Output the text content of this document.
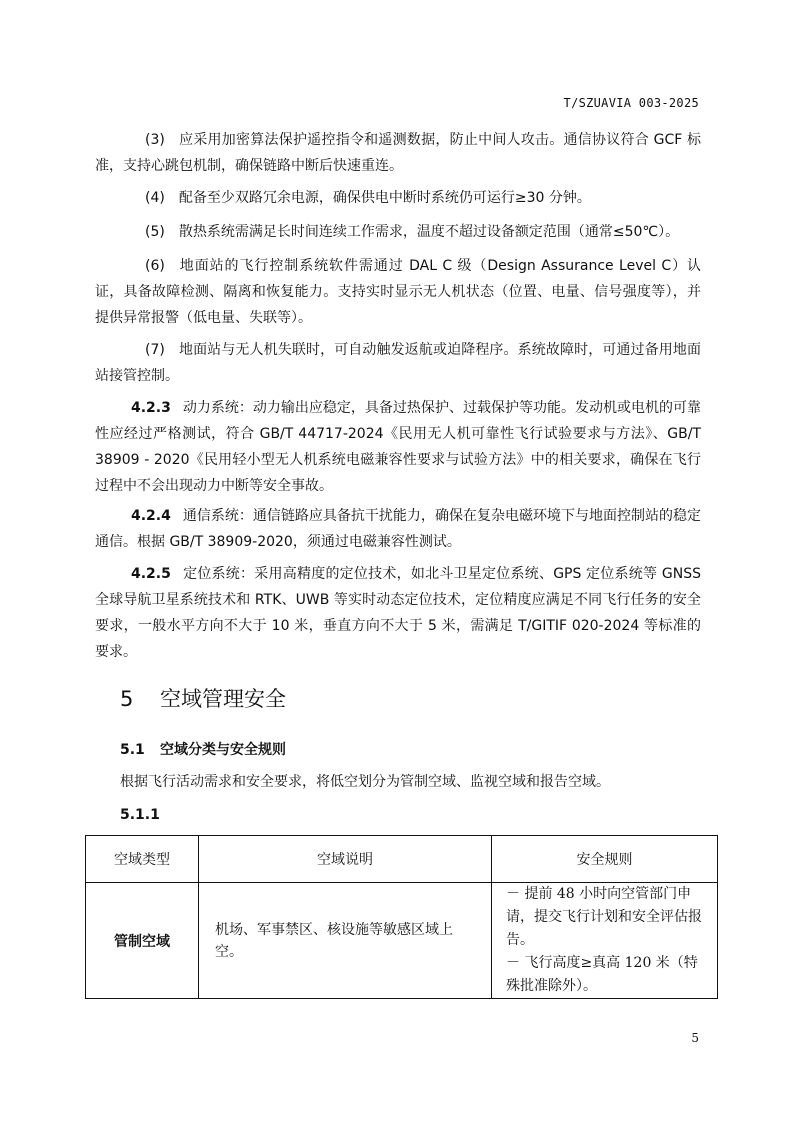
T/SZUAVIA 003-2025

(3) 应采用加密算法保护遥控指令和遥测数据，防止中间人攻击。通信协议符合 GCF 标准，支持心跳包机制，确保链路中断后快速重连。

(4) 配备至少双路冗余电源，确保供电中断时系统仍可运行≥30 分钟。

(5) 散热系统需满足长时间连续工作需求，温度不超过设备额定范围（通常≤50℃）。

(6) 地面站的飞行控制系统软件需通过 DAL C 级（Design Assurance Level C）认证，具备故障检测、隔离和恢复能力。支持实时显示无人机状态（位置、电量、信号强度等），并提供异常报警（低电量、失联等）。

(7) 地面站与无人机失联时，可自动触发返航或迫降程序。系统故障时，可通过备用地面站接管控制。

4.2.3 动力系统：动力输出应稳定，具备过热保护、过载保护等功能。发动机或电机的可靠性应经过严格测试，符合 GB/T 44717-2024《民用无人机可靠性飞行试验要求与方法》、GB/T 38909 - 2020《民用轻小型无人机系统电磁兼容性要求与试验方法》中的相关要求，确保在飞行过程中不会出现动力中断等安全事故。

4.2.4 通信系统：通信链路应具备抗干扰能力，确保在复杂电磁环境下与地面控制站的稳定通信。根据 GB/T 38909-2020，须通过电磁兼容性测试。

4.2.5 定位系统：采用高精度的定位技术，如北斗卫星定位系统、GPS 定位系统等 GNSS 全球导航卫星系统技术和 RTK、UWB 等实时动态定位技术，定位精度应满足不同飞行任务的安全要求，一般水平方向不大于 10 米，垂直方向不大于 5 米，需满足 T/GITIF 020-2024 等标准的要求。

5 空域管理安全
5.1 空域分类与安全规则

根据飞行活动需求和安全要求，将低空划分为管制空域、监视空域和报告空域。

5.1.1
空域类型	空域说明	安全规则
管制空域	机场、军事禁区、核设施等敏感区域上空。	－ 提前 48 小时向空管部门申请，提交飞行计划和安全评估报告。
－ 飞行高度≥真高 120 米（特殊批准除外）。
5
